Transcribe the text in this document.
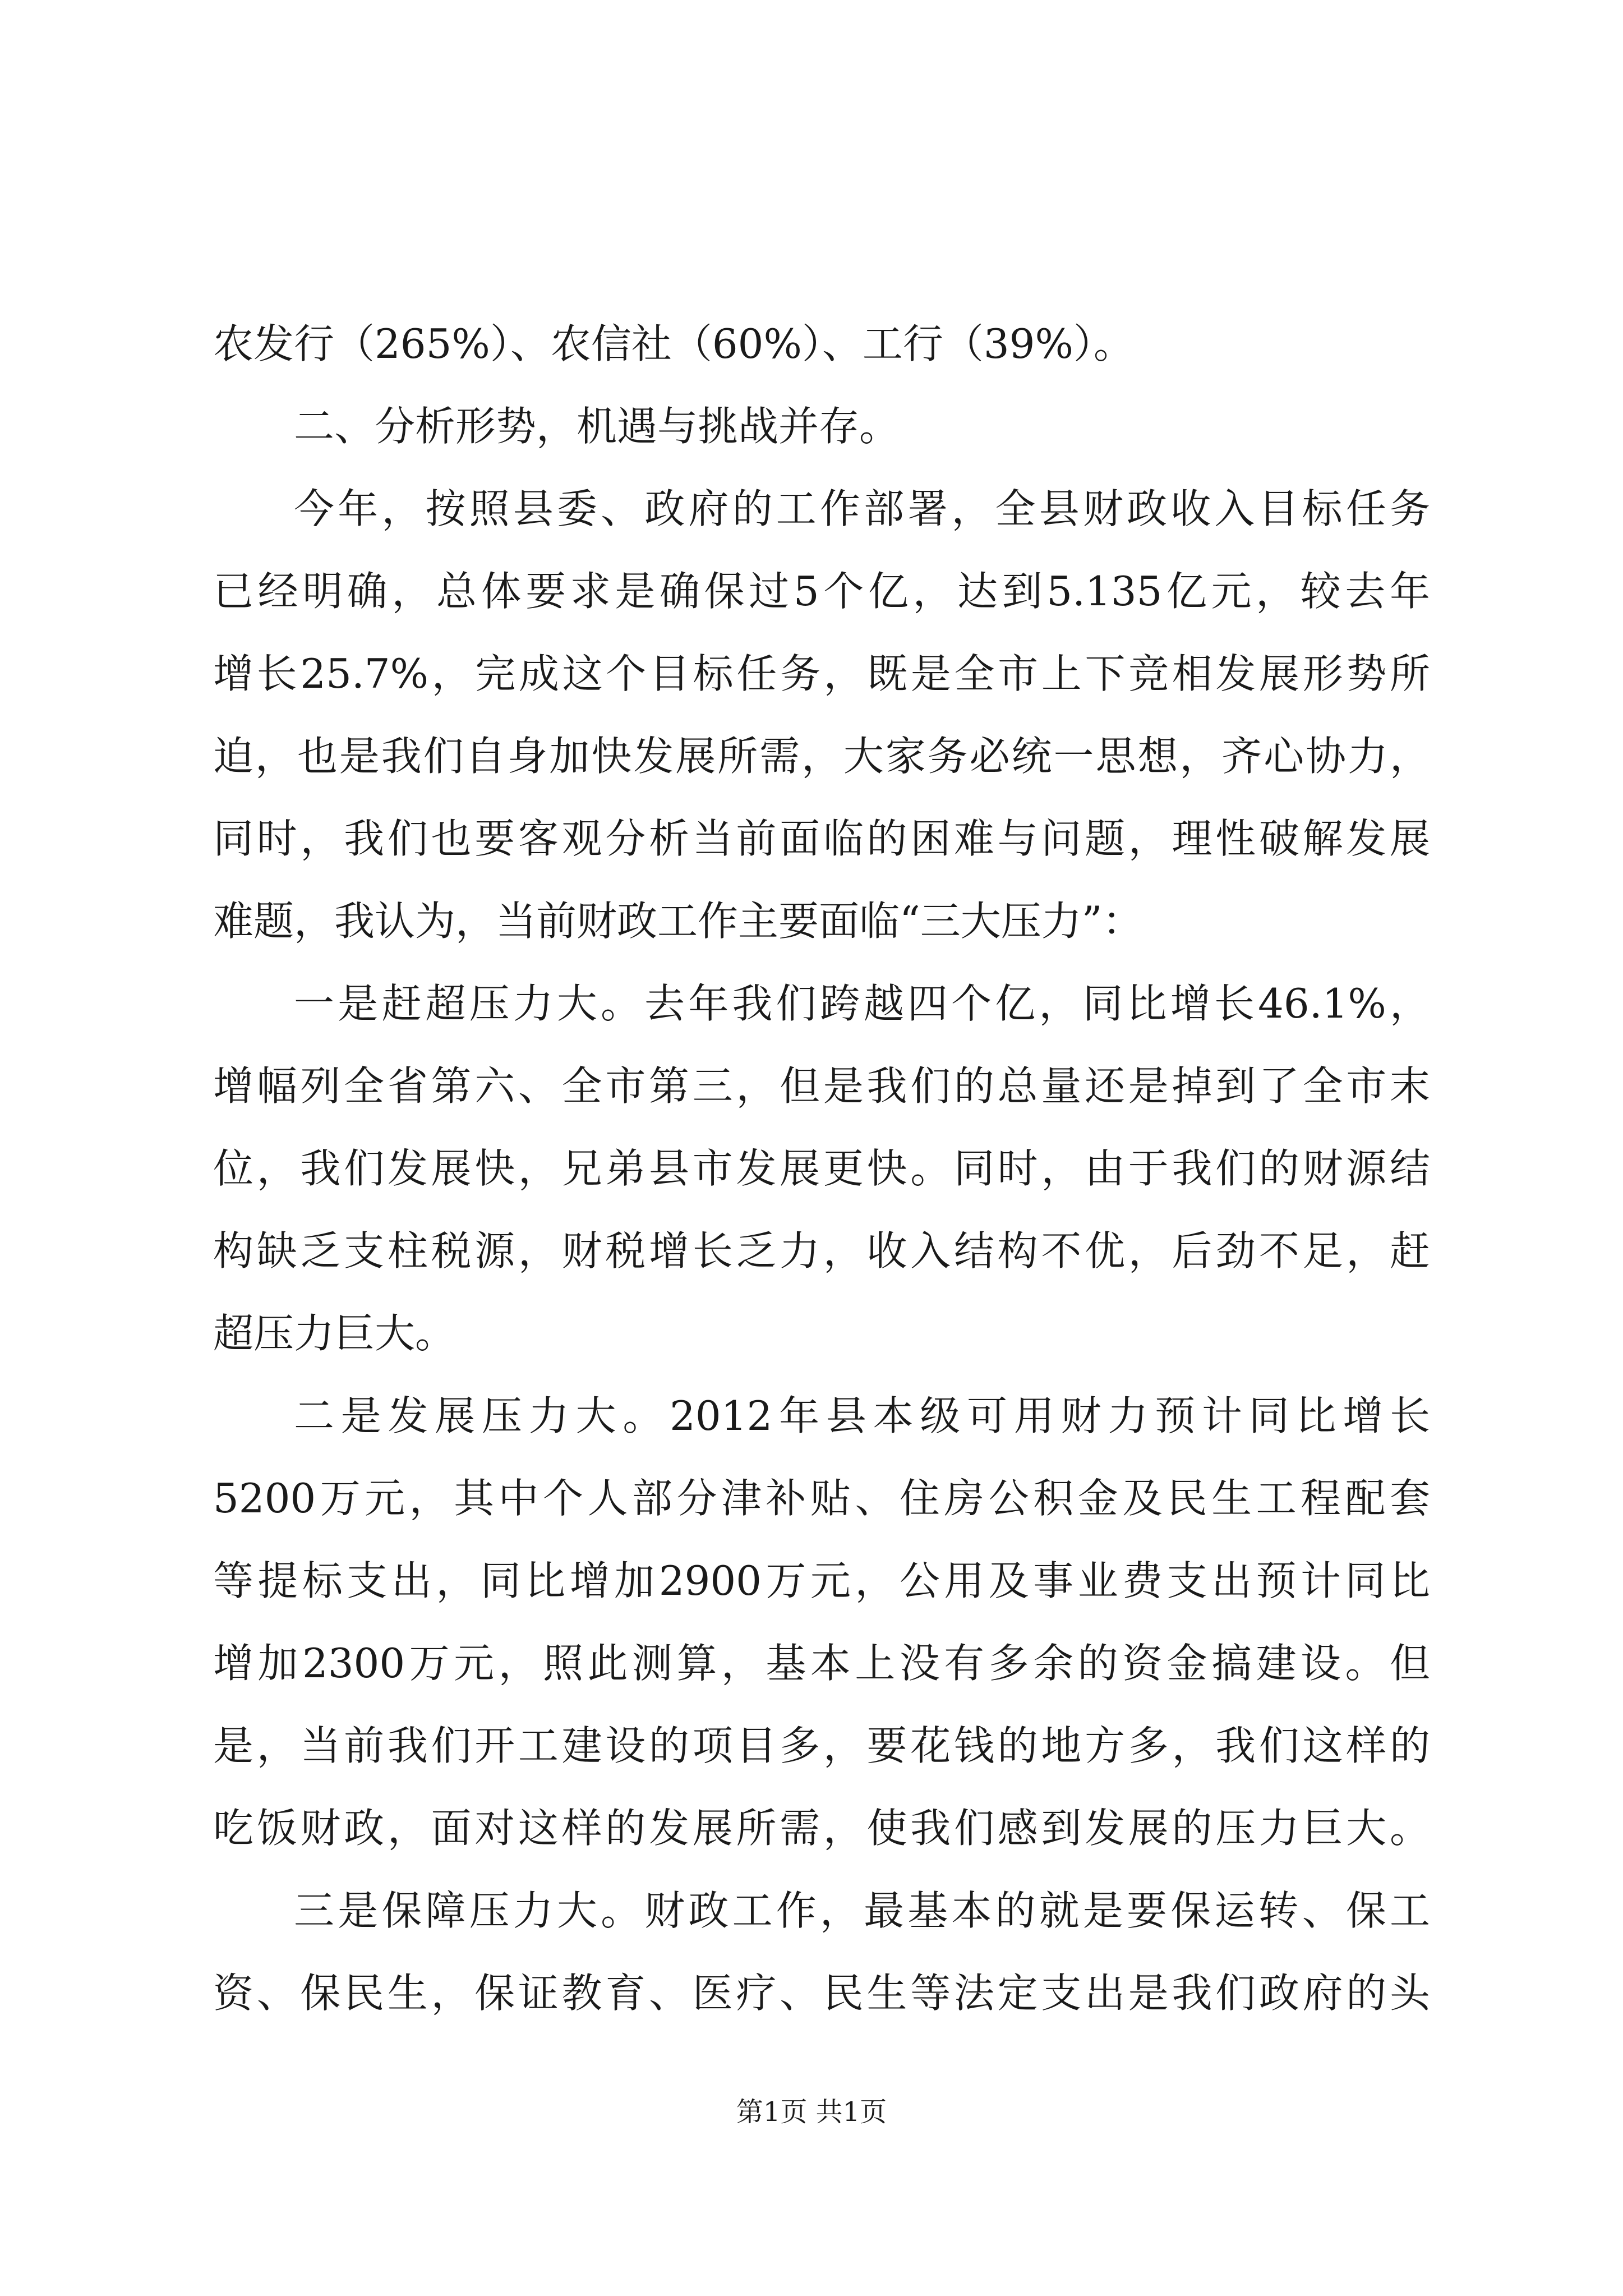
农发行（265%）、农信社（60%）、工行（39%）。
二、分析形势，机遇与挑战并存。
今年，按照县委、政府的工作部署，全县财政收入目标任务
已经明确，总体要求是确保过5个亿，达到5.135亿元，较去年
增长25.7%，完成这个目标任务，既是全市上下竞相发展形势所
迫，也是我们自身加快发展所需，大家务必统一思想，齐心协力，
同时，我们也要客观分析当前面临的困难与问题，理性破解发展
难题，我认为，当前财政工作主要面临“三大压力”：
一是赶超压力大。去年我们跨越四个亿，同比增长46.1%，
增幅列全省第六、全市第三，但是我们的总量还是掉到了全市末
位，我们发展快，兄弟县市发展更快。同时，由于我们的财源结
构缺乏支柱税源，财税增长乏力，收入结构不优，后劲不足，赶
超压力巨大。
二是发展压力大。2012年县本级可用财力预计同比增长
5200万元，其中个人部分津补贴、住房公积金及民生工程配套
等提标支出，同比增加2900万元，公用及事业费支出预计同比
增加2300万元，照此测算，基本上没有多余的资金搞建设。但
是，当前我们开工建设的项目多，要花钱的地方多，我们这样的
吃饭财政，面对这样的发展所需，使我们感到发展的压力巨大。
三是保障压力大。财政工作，最基本的就是要保运转、保工
资、保民生，保证教育、医疗、民生等法定支出是我们政府的头
第1页 共1页
